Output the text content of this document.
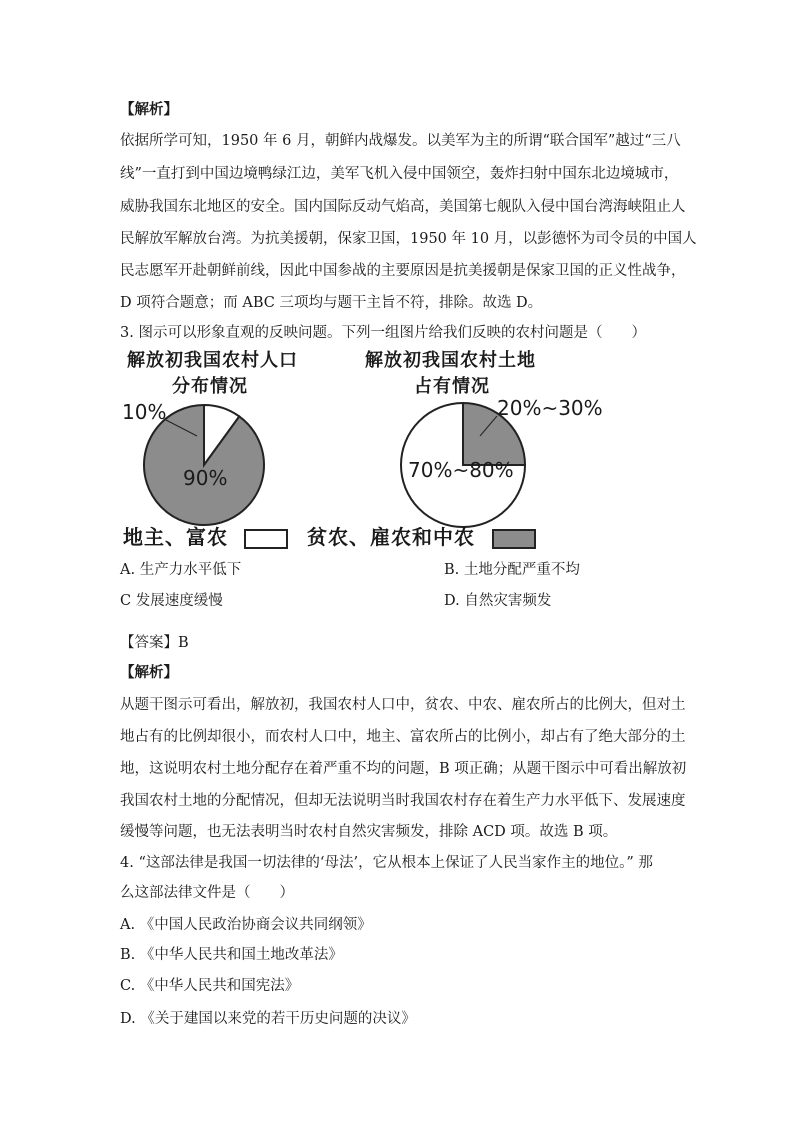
【解析】
依据所学可知，1950 年 6 月，朝鲜内战爆发。以美军为主的所谓“联合国军”越过“三八
线”一直打到中国边境鸭绿江边，美军飞机入侵中国领空，轰炸扫射中国东北边境城市，
威胁我国东北地区的安全。国内国际反动气焰高，美国第七舰队入侵中国台湾海峡阻止人
民解放军解放台湾。为抗美援朝，保家卫国，1950 年 10 月，以彭德怀为司令员的中国人
民志愿军开赴朝鲜前线，因此中国参战的主要原因是抗美援朝是保家卫国的正义性战争，
D 项符合题意；而 ABC 三项均与题干主旨不符，排除。故选 D。
3. 图示可以形象直观的反映问题。下列一组图片给我们反映的农村问题是（　　）
解放初我国农村人口
分布情况
解放初我国农村土地
占有情况
10%
90%
20%~30%
70%~80%
地主、富农	贫农、雇农和中农
A. 生产力水平低下	B. 土地分配严重不均
C 发展速度缓慢	D. 自然灾害频发
【答案】B
【解析】
从题干图示可看出，解放初，我国农村人口中，贫农、中农、雇农所占的比例大，但对土
地占有的比例却很小，而农村人口中，地主、富农所占的比例小，却占有了绝大部分的土
地，这说明农村土地分配存在着严重不均的问题，B 项正确；从题干图示中可看出解放初
我国农村土地的分配情况，但却无法说明当时我国农村存在着生产力水平低下、发展速度
缓慢等问题，也无法表明当时农村自然灾害频发，排除 ACD 项。故选 B 项。
4. “这部法律是我国一切法律的‘母法’，它从根本上保证了人民当家作主的地位。” 那
么这部法律文件是（　　）
A. 《中国人民政治协商会议共同纲领》
B. 《中华人民共和国土地改革法》
C. 《中华人民共和国宪法》
D. 《关于建国以来党的若干历史问题的决议》
